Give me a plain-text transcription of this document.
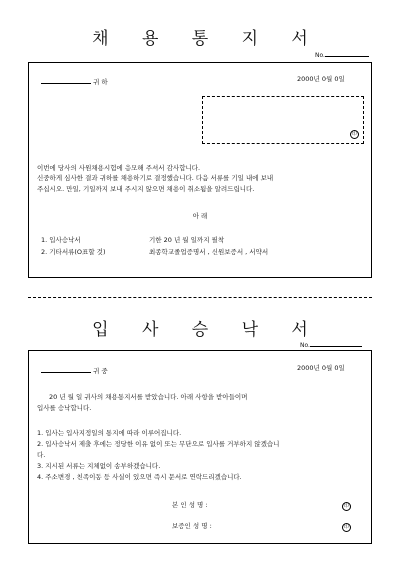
채 용 통 지 서
No.
귀 하	2000년 0월 0일
印
이번에 당사의 사원채용시험에 응모해 주셔서 감사합니다.
신중하게 심사한 결과 귀하를 채용하기로 결정했습니다. 다음 서류를 기일 내에 보내
주십시오. 만일, 기일까지 보내 주시지 않으면 채용이 취소됨을 알려드립니다.
아 래
1. 입사승낙서	기한 20 년 월 일까지 필착
2. 기타서류(O표할 것)	최종학교졸업증명서 , 신원보증서 , 서약서
입 사 승 낙 서
No.
귀 중	2000년 0월 0일
20 년 월 일 귀사의 채용통지서를 받았습니다. 아래 사항을 받아들이며
입사를 승낙합니다.
1. 입사는 입사지정일의 통지에 따라 이루어집니다.
2. 입사승낙서 제출 후에는 정당한 이유 없이 또는 무단으로 입사를 거부하지 않겠습니
다.
3. 지시된 서류는 지체없이 송부하겠습니다.
4. 주소변경 , 친족이동 등 사실이 있으면 즉시 문서로 연락드리겠습니다.
본 인 성 명 :	印
보증인 성 명 :	印
